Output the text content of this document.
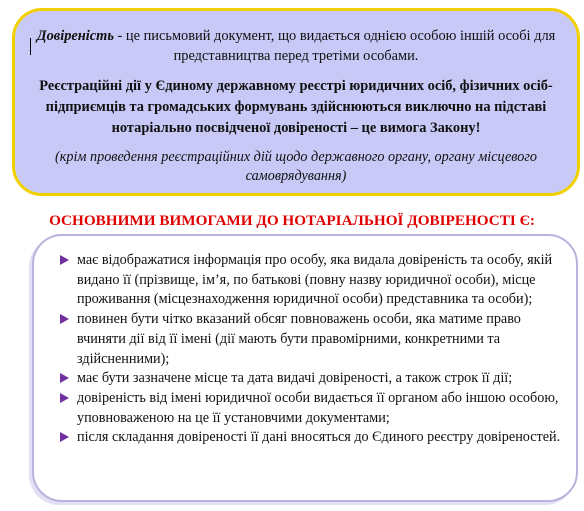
Довіреність - це письмовий документ, що видається однією особою іншій особі для представництва перед третіми особами.

Реєстраційні дії у Єдиному державному реєстрі юридичних осіб, фізичних осіб-підприємців та громадських формувань здійснюються виключно на підставі нотаріально посвідченої довіреності – це вимога Закону!

(крім проведення реєстраційних дій щодо державного органу, органу місцевого самоврядування)

ОСНОВНИМИ ВИМОГАМИ ДО НОТАРІАЛЬНОЇ ДОВІРЕНОСТІ Є:
має відображатися інформація про особу, яка видала довіреність та особу, якій видано її (прізвище, ім’я, по батькові (повну назву юридичної особи), місце проживання (місцезнаходження юридичної особи) представника та особи);
повинен бути чітко вказаний обсяг повноважень особи, яка матиме право вчиняти дії від її імені (дії мають бути правомірними, конкретними та здійсненними);
має бути зазначене місце та дата видачі довіреності, а також строк її дії;
довіреність від імені юридичної особи видається її органом або іншою особою, уповноваженою на це її установчими документами;
після складання довіреності її дані вносяться до Єдиного реєстру довіреностей.
